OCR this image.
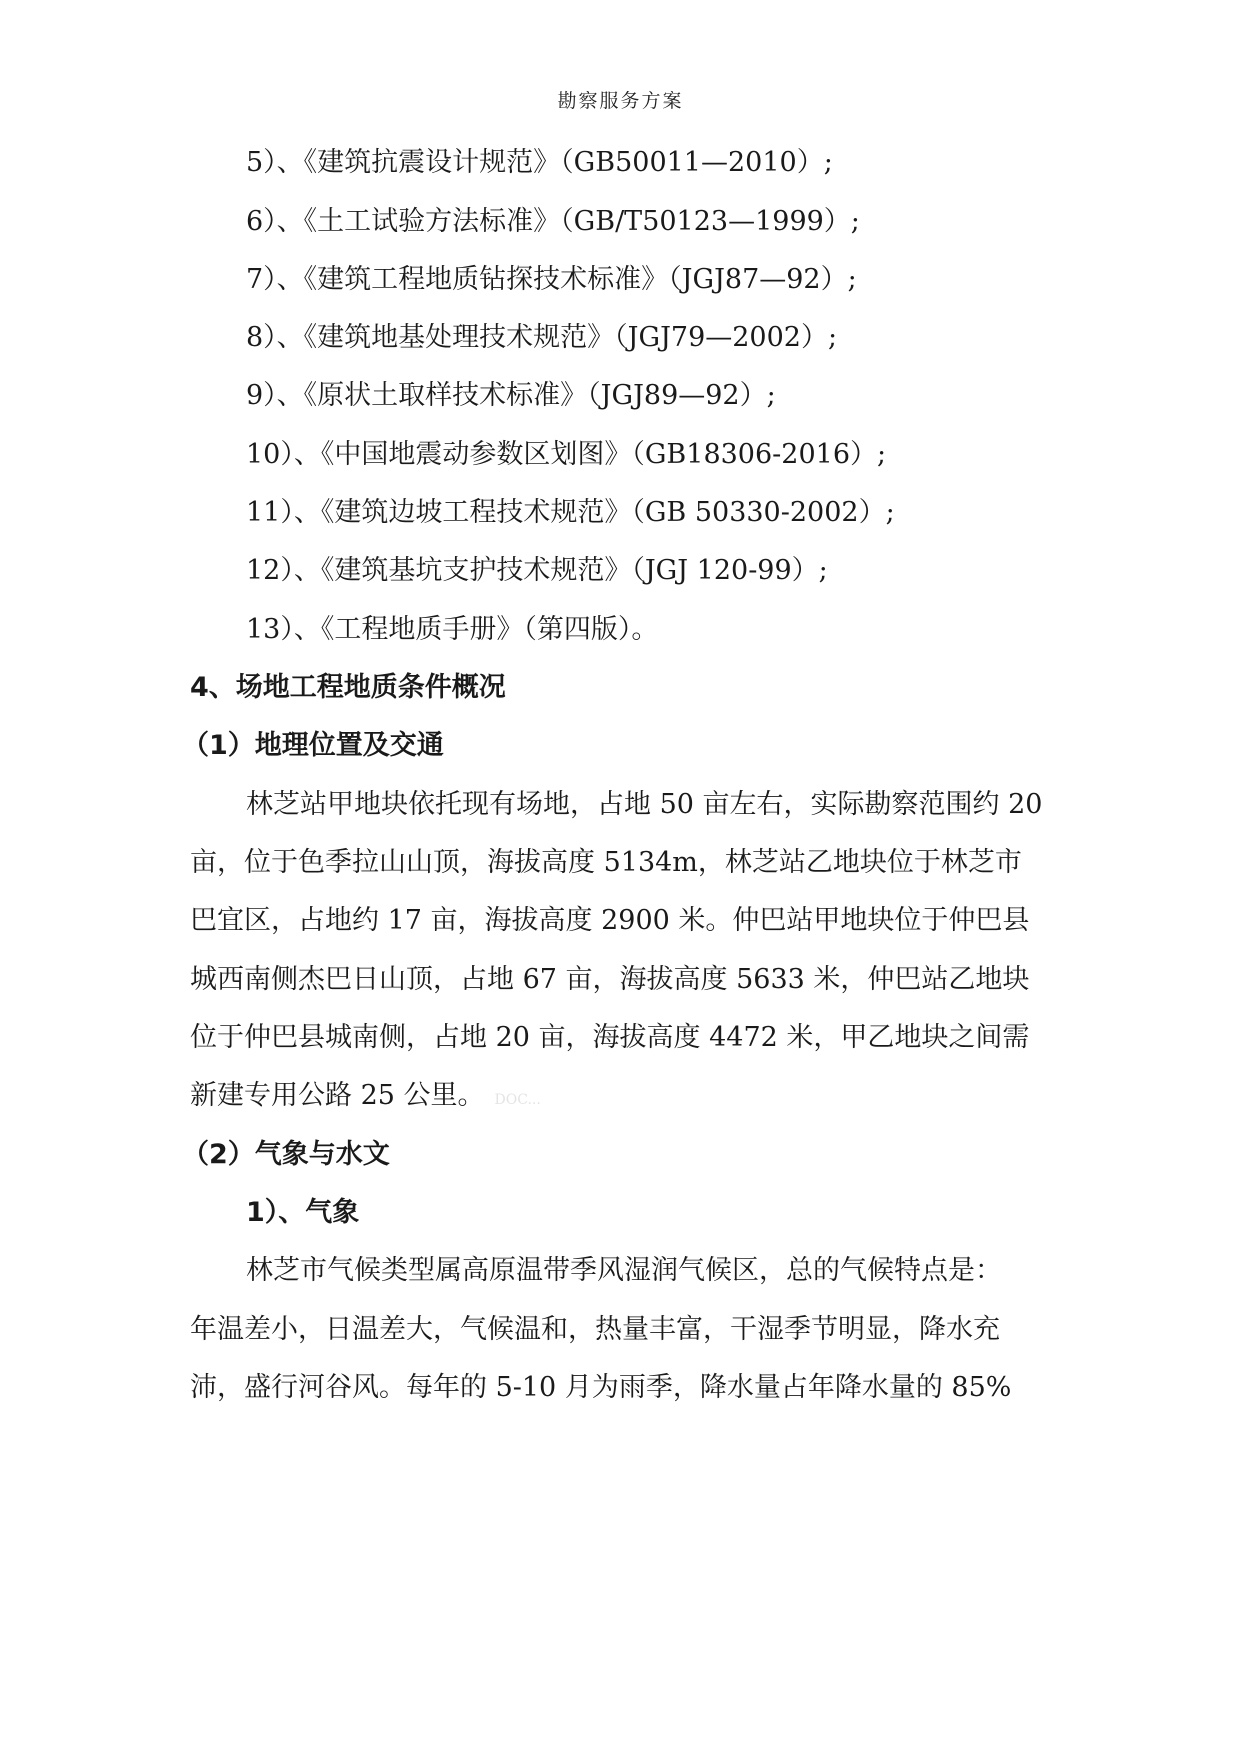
勘察服务方案
5）、《建筑抗震设计规范》（GB50011—2010）;
6）、《土工试验方法标准》（GB/T50123—1999）;
7）、《建筑工程地质钻探技术标准》（JGJ87—92）;
8）、《建筑地基处理技术规范》（JGJ79—2002）;
9）、《原状土取样技术标准》（JGJ89—92）;
10）、《中国地震动参数区划图》（GB18306-2016）;
11）、《建筑边坡工程技术规范》（GB 50330-2002）;
12）、《建筑基坑支护技术规范》（JGJ 120-99）;
13）、《工程地质手册》（第四版）。
4、场地工程地质条件概况
（1）地理位置及交通
林芝站甲地块依托现有场地，占地 50 亩左右，实际勘察范围约 20
亩，位于色季拉山山顶，海拔高度 5134m，林芝站乙地块位于林芝市
巴宜区，占地约 17 亩，海拔高度 2900 米。仲巴站甲地块位于仲巴县
城西南侧杰巴日山顶，占地 67 亩，海拔高度 5633 米，仲巴站乙地块
位于仲巴县城南侧，占地 20 亩，海拔高度 4472 米，甲乙地块之间需
新建专用公路 25 公里。 DOC...
（2）气象与水文
1）、气象
林芝市气候类型属高原温带季风湿润气候区，总的气候特点是：
年温差小，日温差大，气候温和，热量丰富，干湿季节明显，降水充
沛，盛行河谷风。每年的 5-10 月为雨季，降水量占年降水量的 85%
